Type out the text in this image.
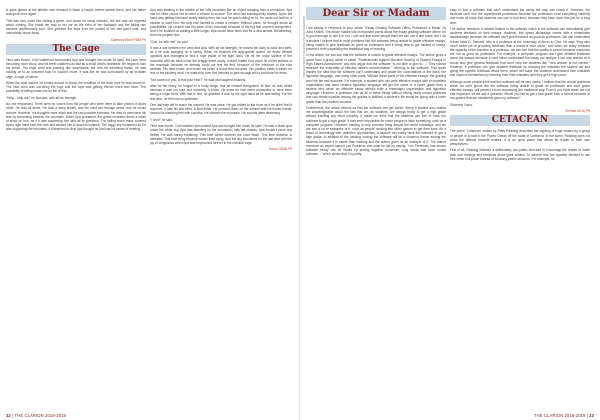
A quick glance at the athletic men dressed in black a couple metres behind them, and her father was gone once again.

This was very much like visiting a grave, and worse for many reasons; but she was not regretful about coming. She made her way to her car as the echo of her footsteps and the falling rain became unoffensively loud. She grabbed the keys from the pocket of her rain-spent coat, and unhurriedly drove away.

Sumrunni Bose P3A4 P5
The Cage

Time was frozen. Cold waterfront surrounded Apa and brought him under its spell. His jaws were becoming more stuck, and his teeth chattered as fast as a small child's heartbeat. He began to lose his sense. The frigid wind was pushing him downwards, but with his trembling hands, he was holding on to an unsorted rock he couldn't move. It was like he was surrounded by an invisible cage. A cage of nature.

When the wind waned, he turned around to check the condition of the thick rope he was bound to. The hard wind was corroding the rope and the rope was getting thinner more and more. The possibility of falling made him be full of fear.

"Help... help me!" he shouted, with all his strength.

No one responded. There were no voices from the people who were there to take photos of Apa's climb. He was all alone. He took a deep breath, and his mind ran through about how he would survive. However, his thoughts were stuck and the last possible scenario. He tried to overcome his fear by screaming towards the mountain. When Apa screamed, the grand mountain threw a mass of snow on him, as if it was answering him with all its grandeur. The falling snow mass covered Apa's right hand from the rock and caused him to lose his balance. The foggy sky thundered as if it was supporting the mountain. It thundered so that Apa thought he had lost his sense of hearing.

Apa was shaking in the middle of the lofty mountain like an object hanging from a pendulum. Apa had no other choice but to need a miracle to survive. The wind had subsequently ceased. Apa's left hand was getting tired and slowly sliding from the rock he was holding on to. He could not wait for a miracle to save him. He only had himself to create a miracle. Without panic, he thought about all possibilities. He couldn't see the base of the mountain because of the fog that covered everywhere. And if he insisted on waiting a little longer, Apa would have been lost for a wild animal. Breathlessly, from his purplish lips:

"God, be with me!" he said.

It was a war between the wind and Apa. With all his strength, he moved his body to back and forth, as if he was swinging on a swing. When he reached the appropriate speed, he threw himself upwards and managed to find a rope inside of his right hand. He hit the rocky surface of the mountain with his back under the craggy sheet cavity. It didn't matter how much he hit the surface of the mountain because he already could not feel his feet, because of the influence of the cold weather. His nails broke, and inside his heart, a blood flow occurred. His position made it easier for rest of the blustery wind. He waited for over five minutes to gain enough will to conclude his fears.

"Not scared of you. Is this your best?" he said and laughed insanely.

After he felt ready, he lunged to a rocky ledge, that he himself recognised. At first, he was afraid because it was not sure and suddenly, it broke. He knew he had never proceeded to have been taking a major blow. With that in him, he grabbed a rock by his right hand as he was falling. For the first time, he felt hold so optimistic.

One last step left to reach the summit. He was close. He got chilled to the bone as if he didn't feel it anymore. It was his last effort. A final flutter. He pressed down on the summit with his frozen hands, moved his bleeding feet with success. He climbed the mountain. His sounds were deafening.

"I won!" he said.

Time was frozen. Cold weather surrounded Apa and brought him under its spell. He was a black spot under the white sky. Apa was standing on the mountain's lofty flat plateau. Apa couldn't move any further. He was barely breathing. This time winter covered the color black. This time ambition is defeated. This time living became harder than dying. And the sky thundered for the last time with the joy of vengeance when Apa was imprisoned forever in the invisible cage.

Yunus OZAN P5
22 | THE CLARION 2018-2019
Dear Sir or Madam

I am writing in response to your article "Essay Grading Software Offers Professors a Break" by Juha Kristell. The article makes lots of important points about the essay grading software where I'm in good enough to use it or not. I can see that some people think we can use it and some don't. As a student I believe that in most problems like the software being unable to grade effective essays, being unable to give feedback as good as professors and it being able to get hacked or fooled, prevent it from surpassing the traditional way of learning.

In the article, we can see that the software is unable to grade effective essays. The author gives a quote from a group which is called "Professionals Against Machine Scoring of Student Essays in High-Stakes Assessment" and who argue that the software "is not able to give to ..." They cannot measure the essentials of effective written communication," referring to the software. This quote implies the idea that the software can't understand and grade the connotations of the word, the figurative language, and many other parts. Without these parts of the effective essays, the grading won't be fair and accurate. For example, a student who can write effective essays with an excellent organization and used creative figurative language will get the same or a lower grade than a student who wrote an effective essay without both a meaningful organization and figurative language. However, a professor can do all of these things without having really crucial problems that can create injustice among the grades in addition a student's life would be going with a lower grade than the planned success.

Furthermore, the article informs us that the software can get fooled. Being a student also makes me knowledgeable about the fact that we, as students, are always trying to get a high grade without exerting any effort possibly. It made me think that the students can fool or hack the software to get a high grade. It was seen impossible for some people to hack something, such as a computer program. However, hacking is very common thing around the world nowadays, and we are see a lot of examples of it, such as people hacking into video games to get their lives. As a result of technology with unlimited opportunities, a student can easily hack the software to get a high grade. In addition to the hacking, fooling the software will be a common choice among the students because it is easier than hacking and the author gives us an example of it. The author mentions an expert named Les Perelman and what he did by saying: "Les Perelman, has shown software essay can be fooled by putting together nonsense, long words that have fooled software..." which shows that it is pretty

easy to fool a software that can't understand the essay but only can check it. However, the students can't fool the experienced professors because the professors read everything carefully and know all tricks that students can use to fool them because they have done this just for a long time.

The author mentions a notable feature in the software which is the software can immediately give students feedback on their essays. However, this speed advantage comes with a remarkable disadvantage because the software can't give feedback as good as professors. We can understand it from Mark D. Shermis' who is a professor at the University of Akron in Ohio. He says "they also much better job of providing feedback than a machine ever could," and when we really compare the capacity of the machine to a professor, we can see that the quality is correct because machines are not as good as professors. For example, a computer program don't give detailed feedback about the essays because it can't either understand the essay nor analyze it but only checks so it would also give general feedback that won't help the students like "Your answer is not correct." However, a professor can give detailed feedback by showing the mistakes the student did and giving the specific feedback about them, which will make the students understand their mistakes and improve themselves by learning from their mistakes until they get a high score.

Although some people think that this software will be very useful, I believe that the crucial problems which we can't ignore like the software being unable to grade an professors and can't grade effective essays, will prevent it from surpassing the traditional way. Even if you think these are not that important, let me ask a question: Would you like to get a bad grade from a school because of low grades that are mistakenly given by software?

Sincerely Yours,

Ecehan KILIÇ P5
CETACEAN

The poem "Cetacean" written by Peter Reading describes the sighting of huge whales by a group of people in a boat in the Pacific Ocean off the coast of California. In the poem, Reading does not show the attitude towards whales. It is an open poem that allows its reader to their own perspectives.

First of all, Reading followed a deliberately non-poetic structure to encourage the reader to make their own feelings and emotions about giant whales. To achieve this, the speaker decided to use free verse in a prose instead of following poetic structure. For example, he

THE CLARION 2018-2019 | 23
VOICES FROM THE ENGLISH CLASSROOM
